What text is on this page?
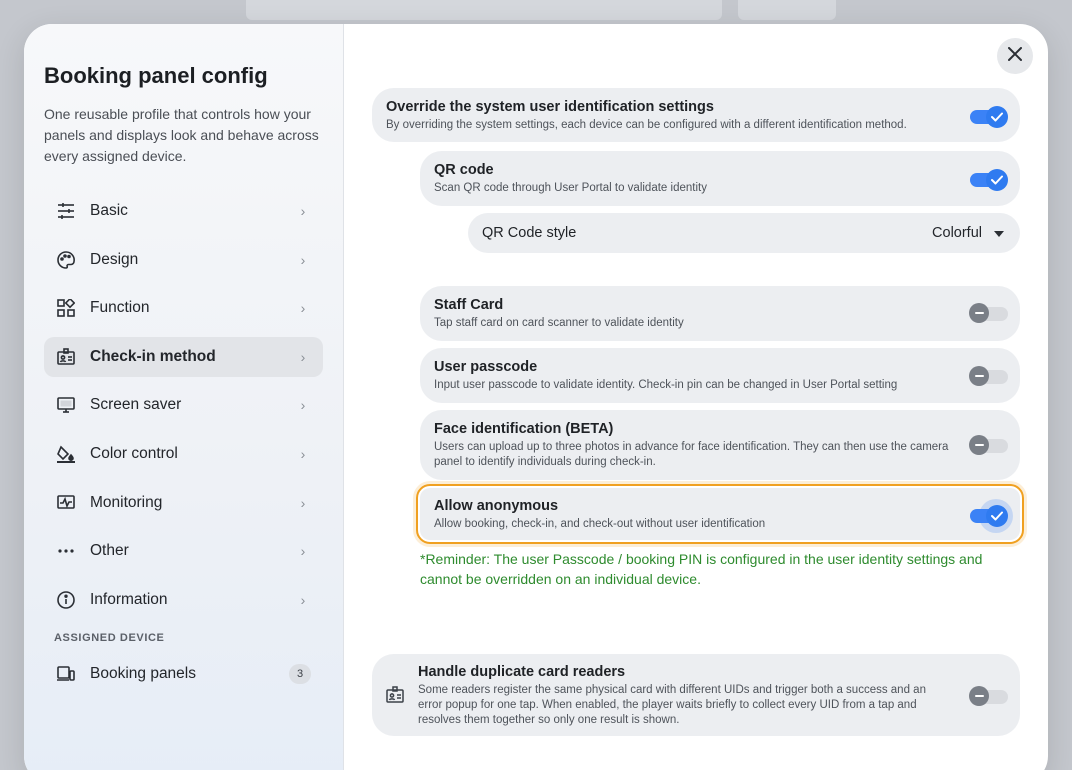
Booking panel config
One reusable profile that controls how your panels and displays look and behave across every assigned device.
Basic	›
Design	›
Function	›
Check-in method	›
Screen saver	›
Color control	›
Monitoring	›
Other	›
Information	›
ASSIGNED DEVICE
Booking panels	3
Override the system user identification settings
By overriding the system settings, each device can be configured with a different identification method.
QR code
Scan QR code through User Portal to validate identity
QR Code style	Colorful
Staff Card
Tap staff card on card scanner to validate identity
User passcode
Input user passcode to validate identity. Check-in pin can be changed in User Portal setting
Face identification (BETA)
Users can upload up to three photos in advance for face identification. They can then use the camera panel to identify individuals during check-in.
Allow anonymous
Allow booking, check-in, and check-out without user identification
*Reminder: The user Passcode / booking PIN is configured in the user identity settings and cannot be overridden on an individual device.
Handle duplicate card readers
Some readers register the same physical card with different UIDs and trigger both a success and an error popup for one tap. When enabled, the player waits briefly to collect every UID from a tap and resolves them together so only one result is shown.
